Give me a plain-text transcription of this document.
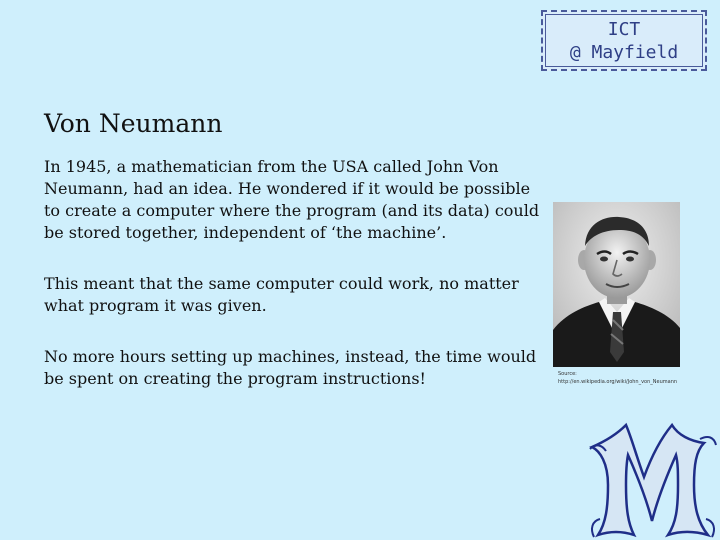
ICT
@ Mayfield
Von Neumann

In 1945, a mathematician from the USA called John Von Neumann, had an idea. He wondered if it would be possible to create a computer where the program (and its data) could be stored together, independent of ‘the machine’.

This meant that the same computer could work, no matter what program it was given.

No more hours setting up machines, instead, the time would be spent on creating the program instructions!	Source:
http://en.wikipedia.org/wiki/John_von_Neumann
